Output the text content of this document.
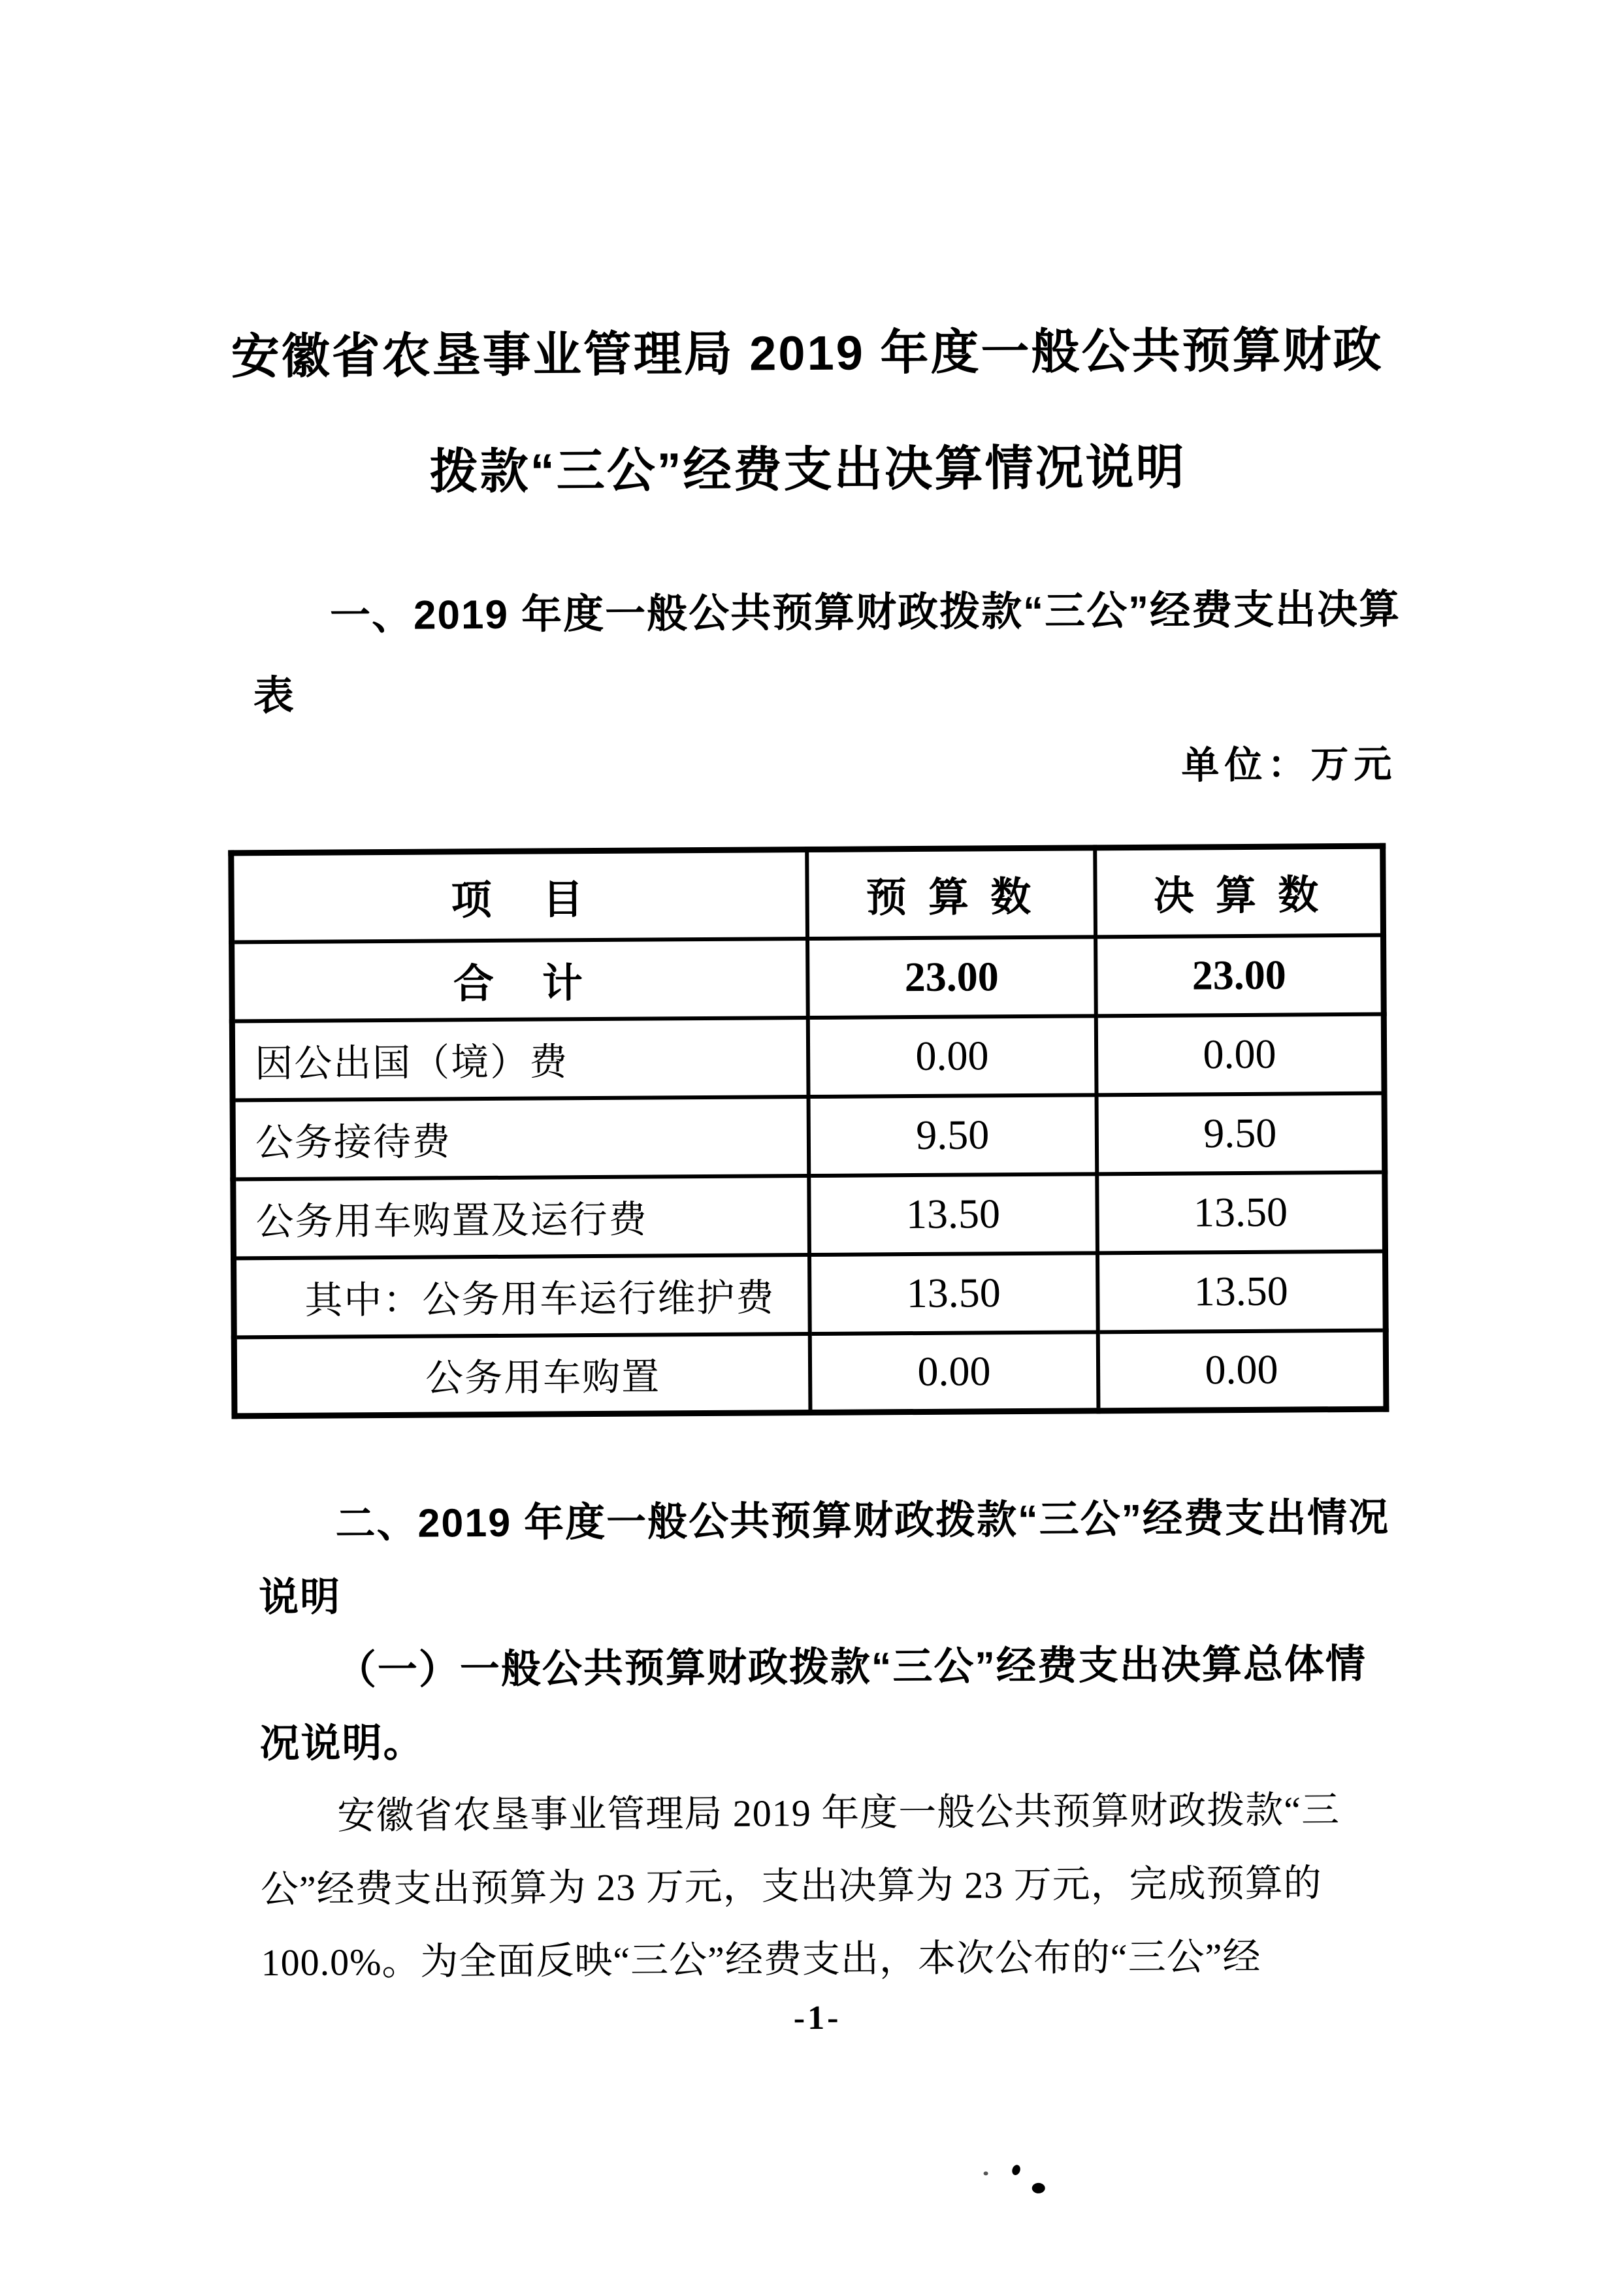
安徽省农垦事业管理局 2019 年度一般公共预算财政
拨款“三公”经费支出决算情况说明
一、2019 年度一般公共预算财政拨款“三公”经费支出决算
表
单位：万元
项　目	预 算 数	决 算 数
合　计	23.00	23.00
因公出国（境）费	0.00	0.00
公务接待费	9.50	9.50
公务用车购置及运行费	13.50	13.50
其中：公务用车运行维护费	13.50	13.50
公务用车购置	0.00	0.00
二、2019 年度一般公共预算财政拨款“三公”经费支出情况
说明
（一）一般公共预算财政拨款“三公”经费支出决算总体情
况说明。
安徽省农垦事业管理局 2019 年度一般公共预算财政拨款“三
公”经费支出预算为 23 万元，支出决算为 23 万元，完成预算的
100.0%。为全面反映“三公”经费支出，本次公布的“三公”经
-1-
